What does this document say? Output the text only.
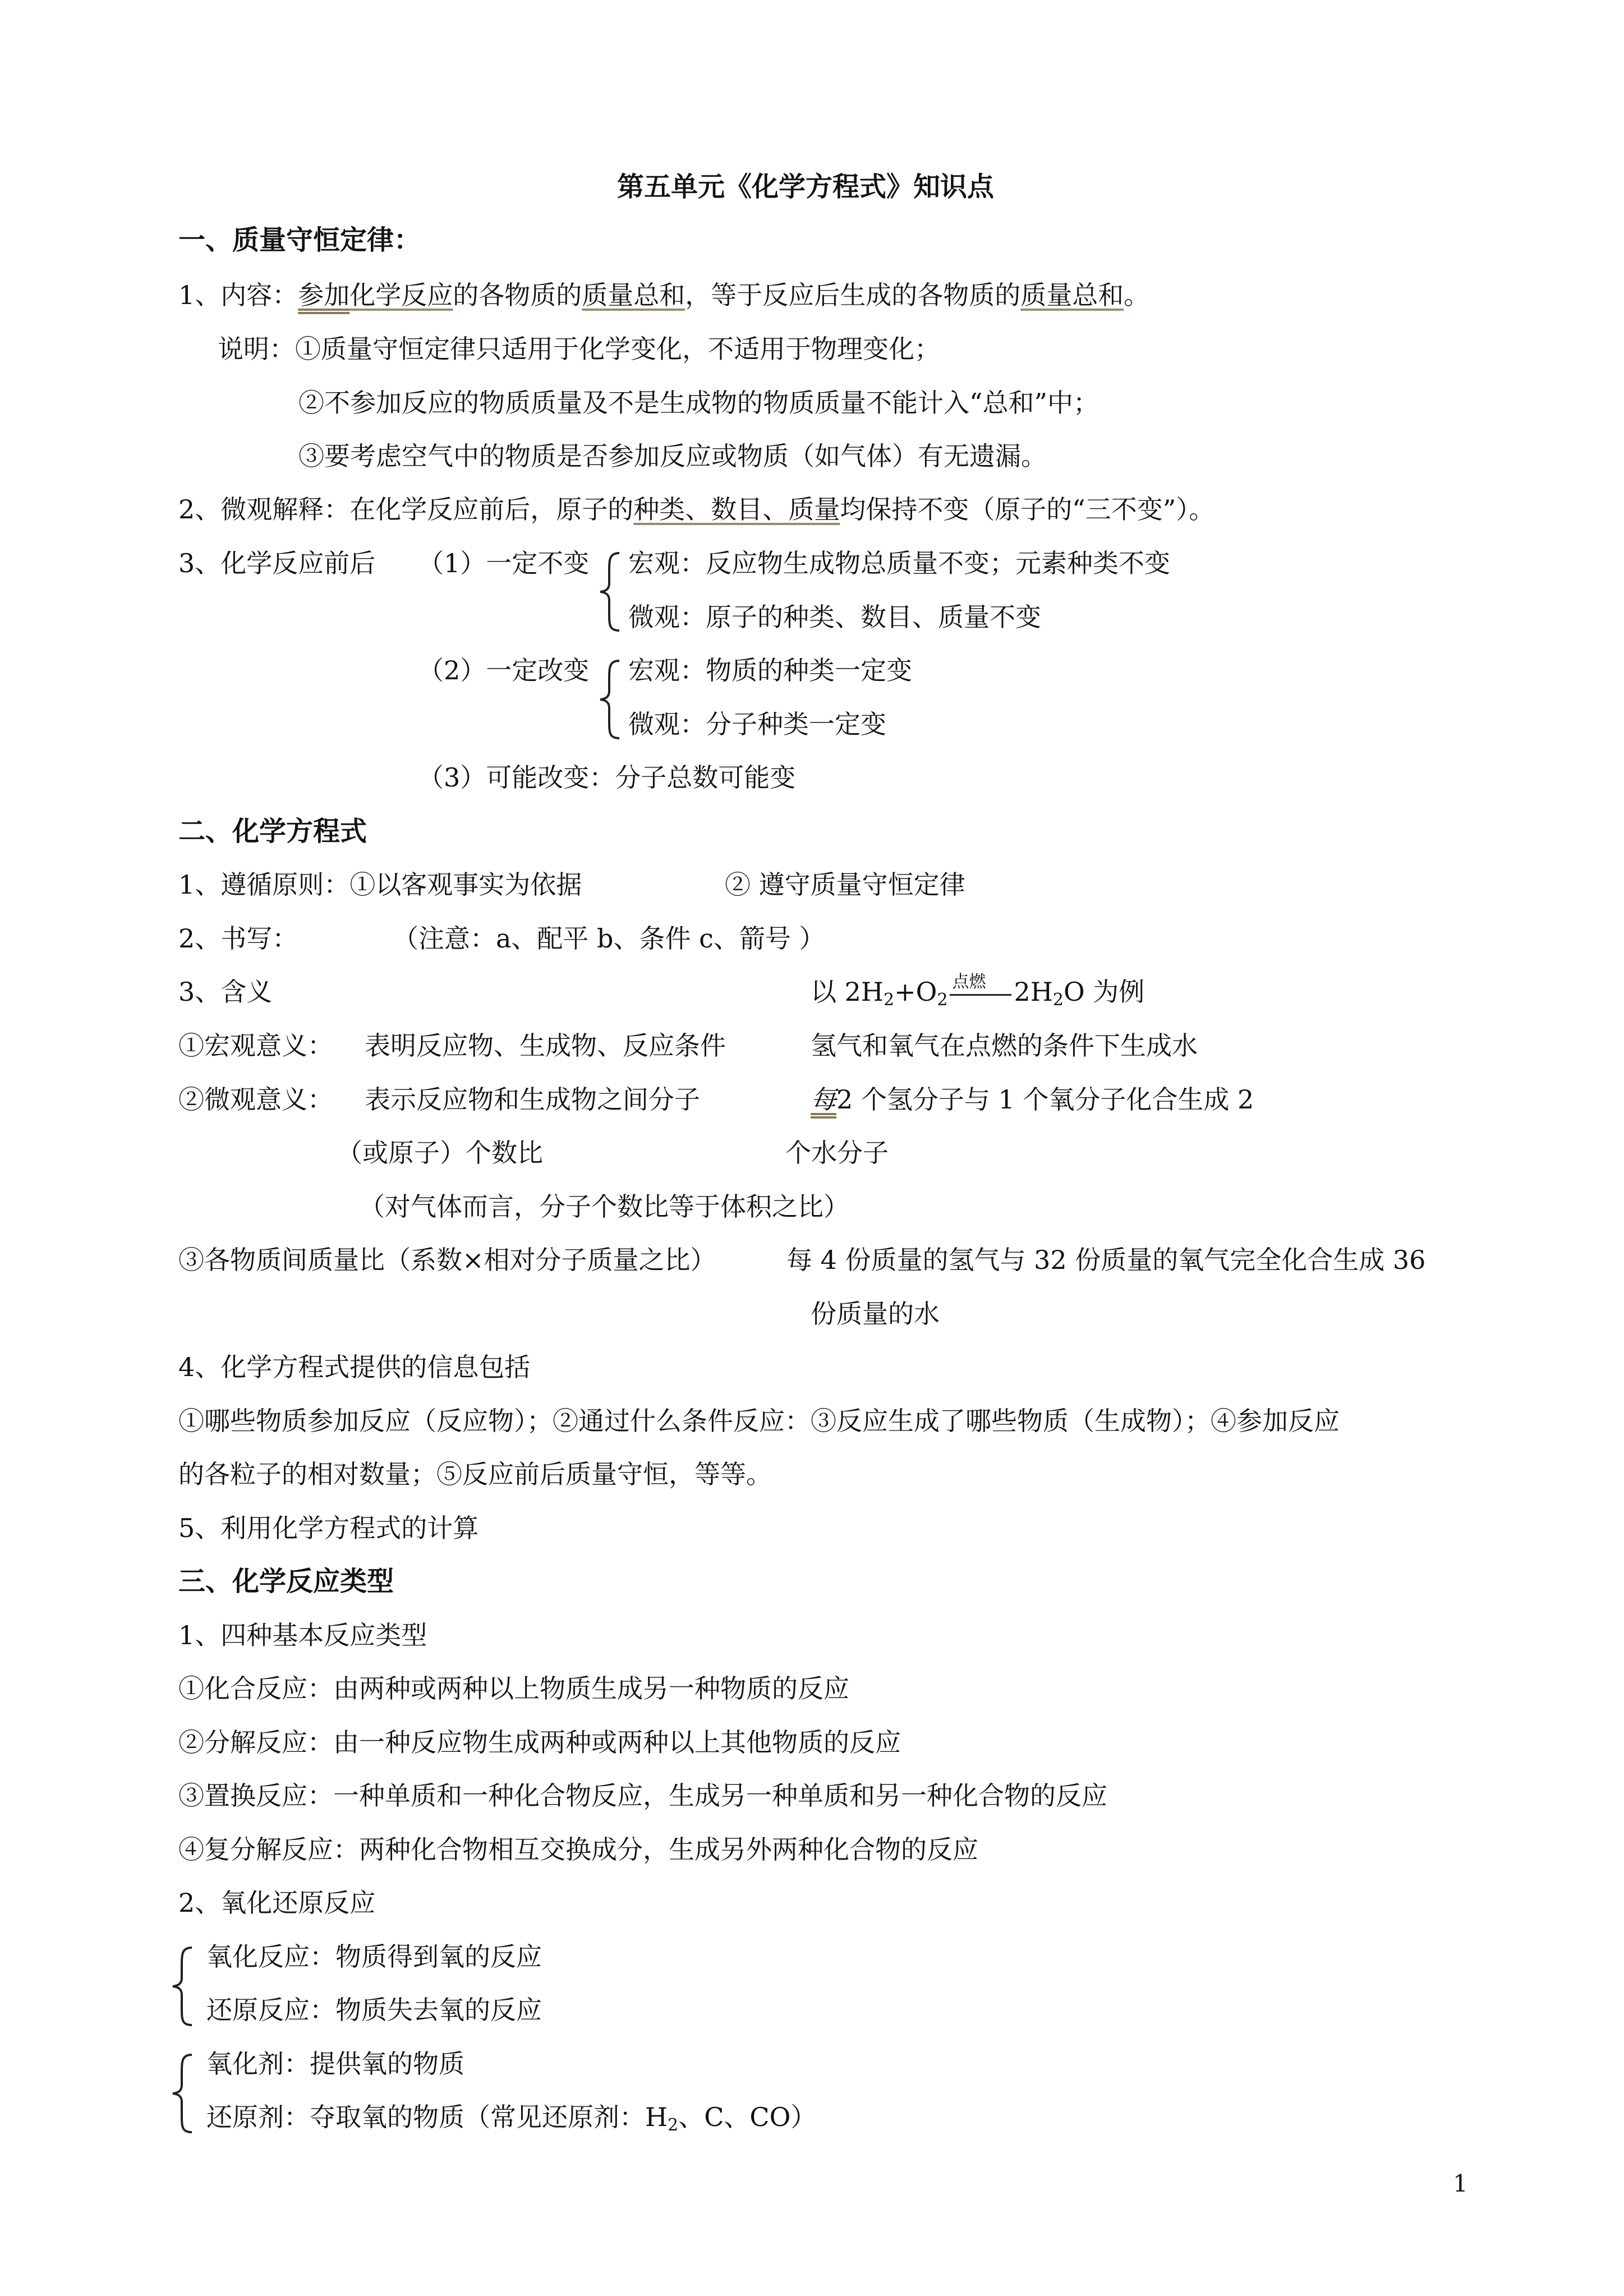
第五单元《化学方程式》知识点
一、质量守恒定律：
1、内容：参加化学反应的各物质的质量总和，等于反应后生成的各物质的质量总和。
说明：①质量守恒定律只适用于化学变化，不适用于物理变化；
②不参加反应的物质质量及不是生成物的物质质量不能计入“总和”中；
③要考虑空气中的物质是否参加反应或物质（如气体）有无遗漏。
2、微观解释：在化学反应前后，原子的种类、数目、质量均保持不变（原子的“三不变”）。
3、化学反应前后 （1）一定不变 宏观：反应物生成物总质量不变；元素种类不变
微观：原子的种类、数目、质量不变
（2）一定改变 宏观：物质的种类一定变
微观：分子种类一定变
（3）可能改变：分子总数可能变
二、化学方程式
1、遵循原则：①以客观事实为依据	② 遵守质量守恒定律
2、书写：	（注意：a、配平 b、条件 c、箭号 ）
3、含义	以 $2H_2+O_2$
点燃 $2H_2O$ 为例
①宏观意义： 表明反应物、生成物、反应条件	氢气和氧气在点燃的条件下生成水
②微观意义： 表示反应物和生成物之间分子	每2 个氢分子与 1 个氧分子化合生成 2
（或原子）个数比	个水分子
（对气体而言，分子个数比等于体积之比）
③各物质间质量比（系数×相对分子质量之比）	每 4 份质量的氢气与 32 份质量的氧气完全化合生成 36
份质量的水
4、化学方程式提供的信息包括
①哪些物质参加反应（反应物）；②通过什么条件反应：③反应生成了哪些物质（生成物）；④参加反应
的各粒子的相对数量；⑤反应前后质量守恒，等等。
5、利用化学方程式的计算
三、化学反应类型
1、四种基本反应类型
①化合反应：由两种或两种以上物质生成另一种物质的反应
②分解反应：由一种反应物生成两种或两种以上其他物质的反应
③置换反应：一种单质和一种化合物反应，生成另一种单质和另一种化合物的反应
④复分解反应：两种化合物相互交换成分，生成另外两种化合物的反应
2、氧化还原反应
氧化反应：物质得到氧的反应
还原反应：物质失去氧的反应
氧化剂：提供氧的物质
还原剂：夺取氧的物质（常见还原剂：$H_2$、C、CO）
1
